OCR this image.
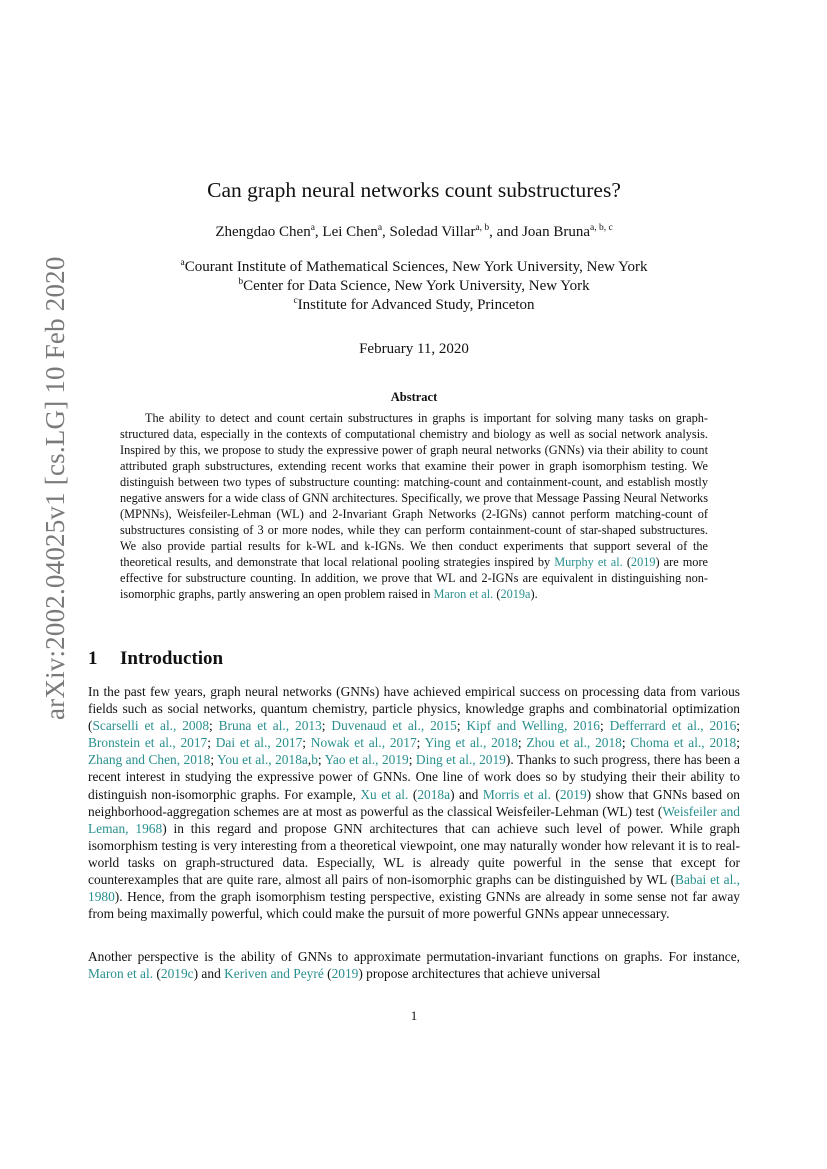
arXiv:2002.04025v1 [cs.LG] 10 Feb 2020
Can graph neural networks count substructures?
Zhengdao Chen$^a$, Lei Chen$^a$, Soledad Villar$^{a, b}$, and Joan Bruna$^{a, b, c}$
$^a$Courant Institute of Mathematical Sciences, New York University, New York
$^b$Center for Data Science, New York University, New York
$^c$Institute for Advanced Study, Princeton
February 11, 2020
Abstract
The ability to detect and count certain substructures in graphs is important for solving many tasks on graph-structured data, especially in the contexts of computational chemistry and biology as well as social network analysis. Inspired by this, we propose to study the expressive power of graph neural networks (GNNs) via their ability to count attributed graph substructures, extending recent works that examine their power in graph isomorphism testing. We distinguish between two types of substructure counting: matching-count and containment-count, and establish mostly negative answers for a wide class of GNN architectures. Specifically, we prove that Message Passing Neural Networks (MPNNs), Weisfeiler-Lehman (WL) and 2-Invariant Graph Networks (2-IGNs) cannot perform matching-count of substructures consisting of 3 or more nodes, while they can perform containment-count of star-shaped substructures. We also provide partial results for k-WL and k-IGNs. We then conduct experiments that support several of the theoretical results, and demonstrate that local relational pooling strategies inspired by Murphy et al. (2019) are more effective for substructure counting. In addition, we prove that WL and 2-IGNs are equivalent in distinguishing non-isomorphic graphs, partly answering an open problem raised in Maron et al. (2019a).
1 Introduction
In the past few years, graph neural networks (GNNs) have achieved empirical success on processing data from various fields such as social networks, quantum chemistry, particle physics, knowledge graphs and combinatorial optimization (Scarselli et al., 2008; Bruna et al., 2013; Duvenaud et al., 2015; Kipf and Welling, 2016; Defferrard et al., 2016; Bronstein et al., 2017; Dai et al., 2017; Nowak et al., 2017; Ying et al., 2018; Zhou et al., 2018; Choma et al., 2018; Zhang and Chen, 2018; You et al., 2018a,b; Yao et al., 2019; Ding et al., 2019). Thanks to such progress, there has been a recent interest in studying the expressive power of GNNs. One line of work does so by studying their their ability to distinguish non-isomorphic graphs. For example, Xu et al. (2018a) and Morris et al. (2019) show that GNNs based on neighborhood-aggregation schemes are at most as powerful as the classical Weisfeiler-Lehman (WL) test (Weisfeiler and Leman, 1968) in this regard and propose GNN architectures that can achieve such level of power. While graph isomorphism testing is very interesting from a theoretical viewpoint, one may naturally wonder how relevant it is to real-world tasks on graph-structured data. Especially, WL is already quite powerful in the sense that except for counterexamples that are quite rare, almost all pairs of non-isomorphic graphs can be distinguished by WL (Babai et al., 1980). Hence, from the graph isomorphism testing perspective, existing GNNs are already in some sense not far away from being maximally powerful, which could make the pursuit of more powerful GNNs appear unnecessary.
Another perspective is the ability of GNNs to approximate permutation-invariant functions on graphs. For instance, Maron et al. (2019c) and Keriven and Peyré (2019) propose architectures that achieve universal
1
